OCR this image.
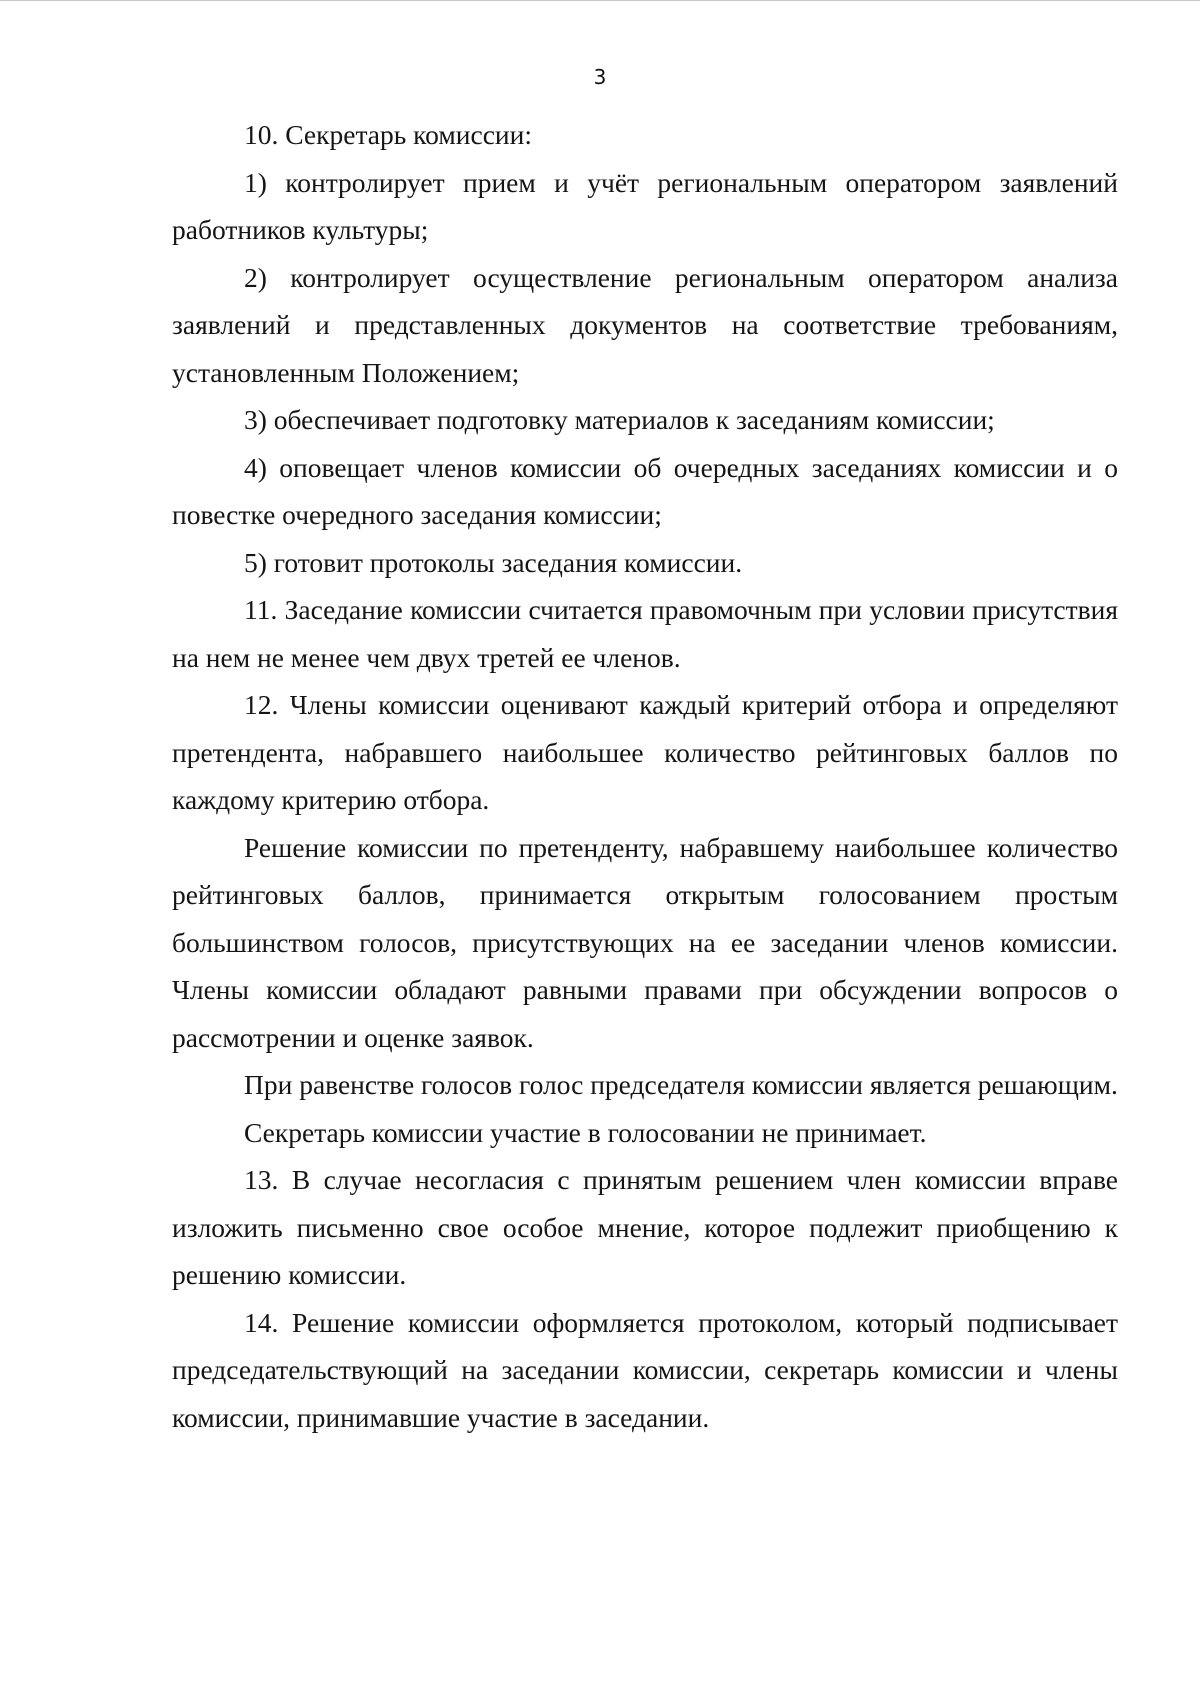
3

10. Секретарь комиссии:

1) контролирует прием и учёт региональным оператором заявлений работников культуры;

2) контролирует осуществление региональным оператором анализа заявлений и представленных документов на соответствие требованиям, установленным Положением;

3) обеспечивает подготовку материалов к заседаниям комиссии;

4) оповещает членов комиссии об очередных заседаниях комиссии и о повестке очередного заседания комиссии;

5) готовит протоколы заседания комиссии.

11. Заседание комиссии считается правомочным при условии присутствия на нем не менее чем двух третей ее членов.

12. Члены комиссии оценивают каждый критерий отбора и определяют претендента, набравшего наибольшее количество рейтинговых баллов по каждому критерию отбора.

Решение комиссии по претенденту, набравшему наибольшее количество рейтинговых баллов, принимается открытым голосованием простым большинством голосов, присутствующих на ее заседании членов комиссии. Члены комиссии обладают равными правами при обсуждении вопросов о рассмотрении и оценке заявок.

При равенстве голосов голос председателя комиссии является решающим.

Секретарь комиссии участие в голосовании не принимает.

13. В случае несогласия с принятым решением член комиссии вправе изложить письменно свое особое мнение, которое подлежит приобщению к решению комиссии.

14. Решение комиссии оформляется протоколом, который подписывает председательствующий на заседании комиссии, секретарь комиссии и члены комиссии, принимавшие участие в заседании.
